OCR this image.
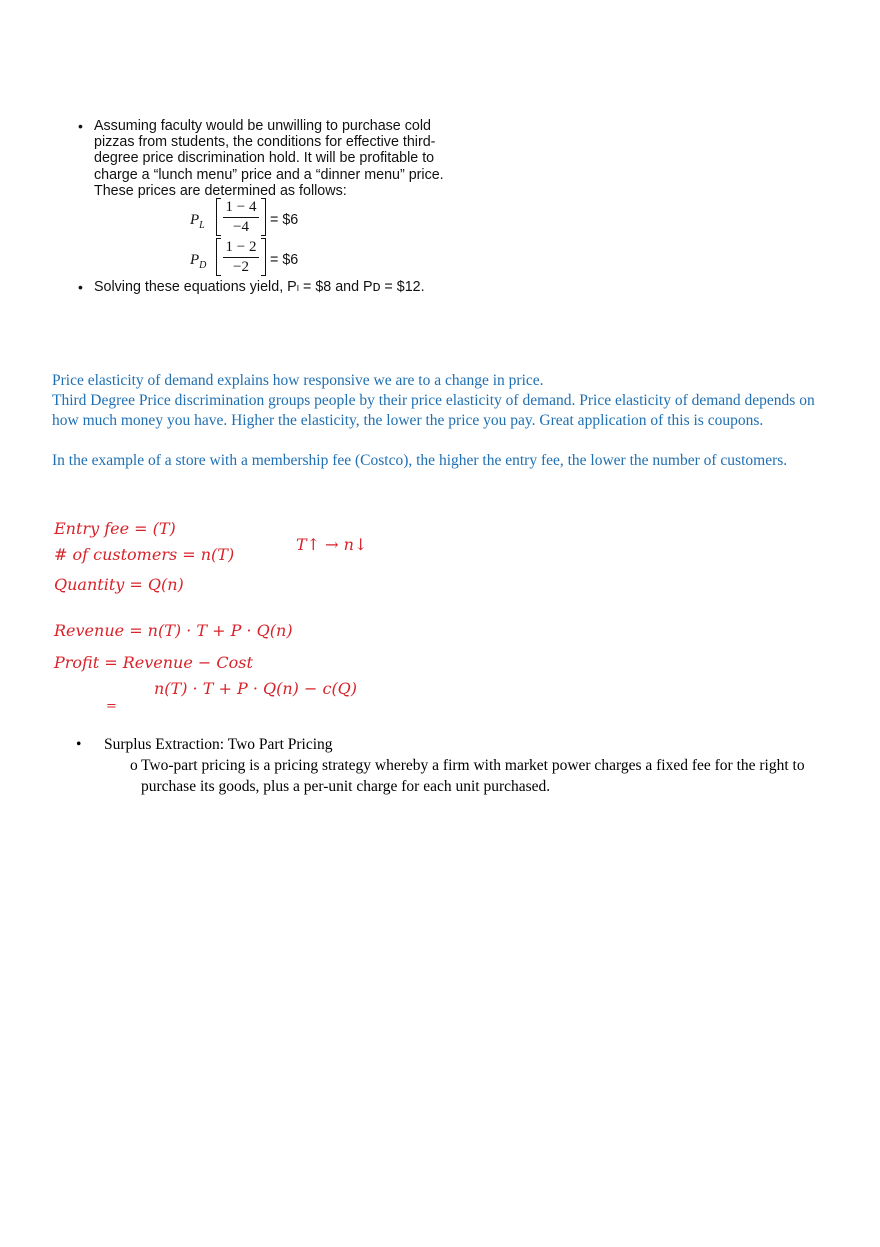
• Assuming faculty would be unwilling to purchase cold pizzas from students, the conditions for effective third-degree price discrimination hold. It will be profitable to charge a “lunch menu” price and a “dinner menu” price. These prices are determined as follows:
$P_L$
1 − 4
−4	= $6
$P_D$
1 − 2
−2	= $6
• Solving these equations yield, Pₗ = $8 and Pᴅ = $12.

Price elasticity of demand explains how responsive we are to a change in price.

Third Degree Price discrimination groups people by their price elasticity of demand. Price elasticity of demand depends on how much money you have. Higher the elasticity, the lower the price you pay. Great application of this is coupons.

In the example of a store with a membership fee (Costco), the higher the entry fee, the lower the number of customers.

Entry fee = (T)
T↑ → n↓
# of customers = n(T)
Quantity = Q(n)
Revenue = n(T) · T + P · Q(n)
Profit = Revenue − Cost
n(T) · T + P · Q(n) − c(Q)
=
• Surplus Extraction: Two Part Pricing
o Two-part pricing is a pricing strategy whereby a firm with market power charges a fixed fee for the right to purchase its goods, plus a per-unit charge for each unit purchased.
